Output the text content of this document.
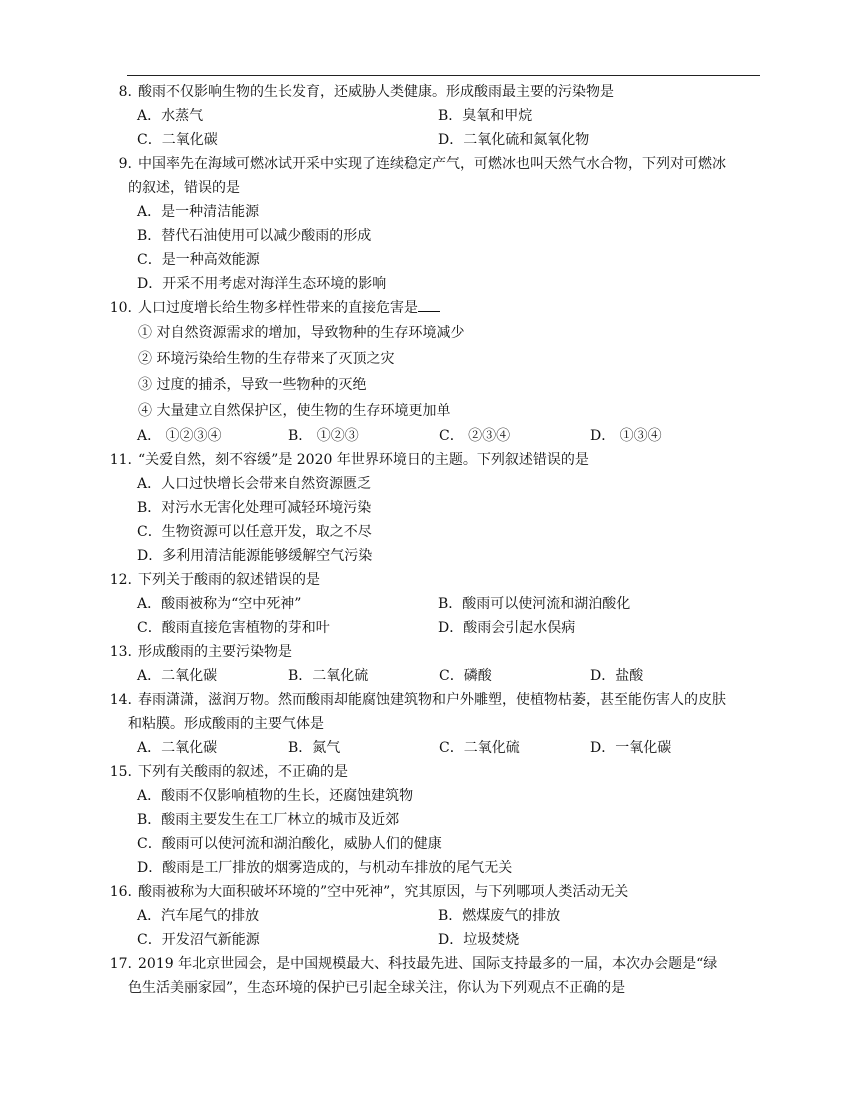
8. 酸雨不仅影响生物的生长发育，还威胁人类健康。形成酸雨最主要的污染物是
A．水蒸气	B．臭氧和甲烷
C．二氧化碳	D．二氧化硫和氮氧化物
9. 中国率先在海域可燃冰试开采中实现了连续稳定产气，可燃冰也叫天然气水合物，下列对可燃冰
的叙述，错误的是
A．是一种清洁能源
B．替代石油使用可以减少酸雨的形成
C．是一种高效能源
D．开采不用考虑对海洋生态环境的影响
10. 人口过度增长给生物多样性带来的直接危害是
① 对自然资源需求的增加，导致物种的生存环境减少
② 环境污染给生物的生存带来了灭顶之灾
③ 过度的捕杀，导致一些物种的灭绝
④ 大量建立自然保护区，使生物的生存环境更加单
A． ①②③④	B． ①②③	C． ②③④	D． ①③④
11. “关爱自然，刻不容缓”是 2020 年世界环境日的主题。下列叙述错误的是
A．人口过快增长会带来自然资源匮乏
B．对污水无害化处理可减轻环境污染
C．生物资源可以任意开发，取之不尽
D．多利用清洁能源能够缓解空气污染
12. 下列关于酸雨的叙述错误的是
A．酸雨被称为“空中死神”	B．酸雨可以使河流和湖泊酸化
C．酸雨直接危害植物的芽和叶	D．酸雨会引起水俣病
13. 形成酸雨的主要污染物是
A．二氧化碳	B．二氧化硫	C．磷酸	D．盐酸
14. 春雨潇潇，滋润万物。然而酸雨却能腐蚀建筑物和户外雕塑，使植物枯萎，甚至能伤害人的皮肤
和粘膜。形成酸雨的主要气体是
A．二氧化碳	B．氮气	C．二氧化硫	D．一氧化碳
15. 下列有关酸雨的叙述，不正确的是
A．酸雨不仅影响植物的生长，还腐蚀建筑物
B．酸雨主要发生在工厂林立的城市及近郊
C．酸雨可以使河流和湖泊酸化，威胁人们的健康
D．酸雨是工厂排放的烟雾造成的，与机动车排放的尾气无关
16. 酸雨被称为大面积破坏环境的”空中死神”，究其原因，与下列哪项人类活动无关
A．汽车尾气的排放	B．燃煤废气的排放
C．开发沼气新能源	D．垃圾焚烧
17. 2019 年北京世园会，是中国规模最大、科技最先进、国际支持最多的一届，本次办会题是“绿
色生活美丽家园”，生态环境的保护已引起全球关注，你认为下列观点不正确的是
